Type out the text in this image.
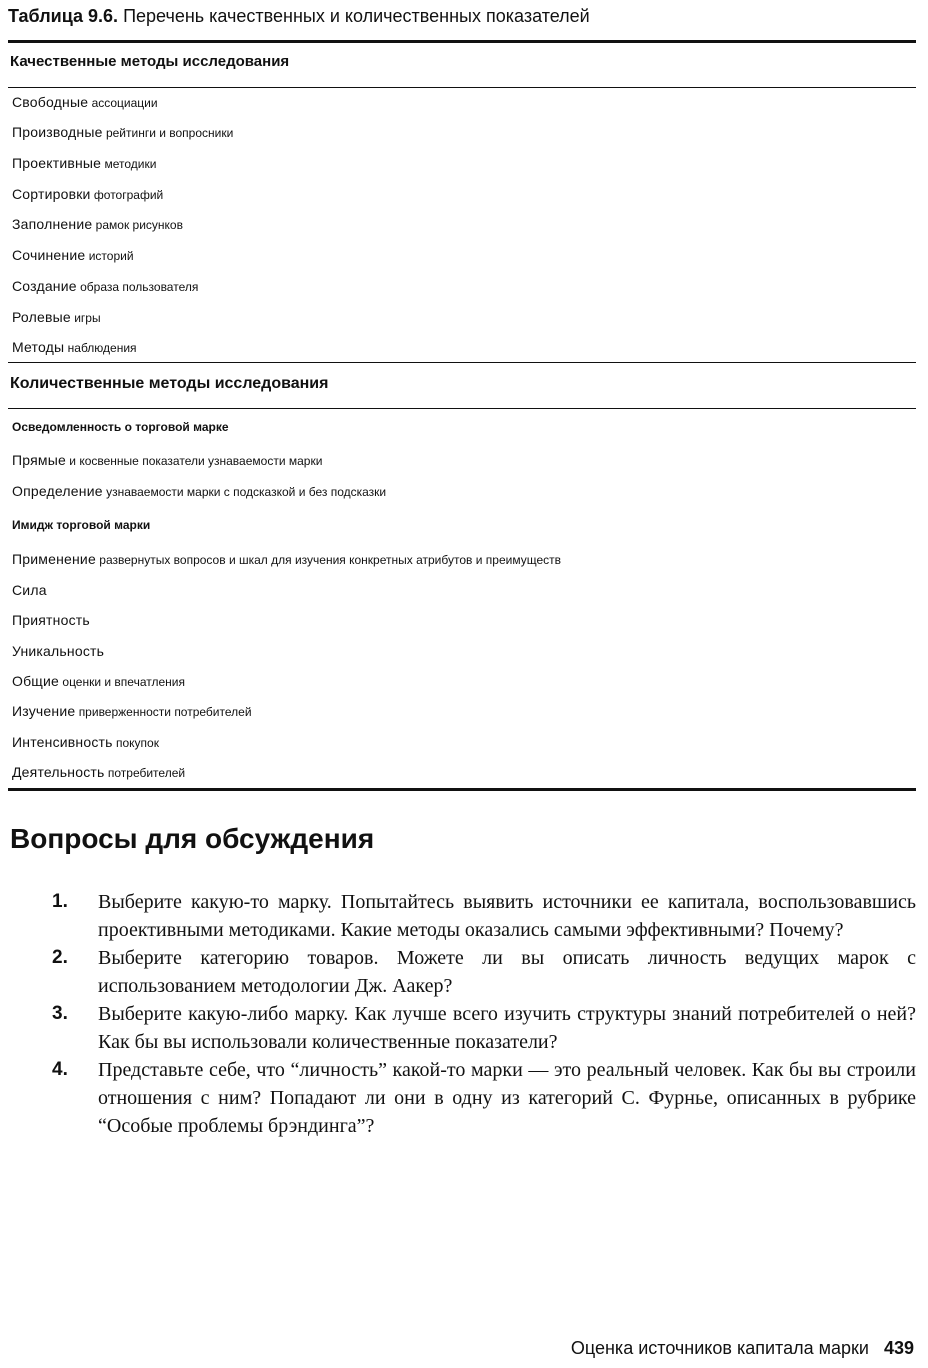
Таблица 9.6. Перечень качественных и количественных показателей
Качественные методы исследования
Свободные ассоциации
Производные рейтинги и вопросники
Проективные методики
Сортировки фотографий
Заполнение рамок рисунков
Сочинение историй
Создание образа пользователя
Ролевые игры
Методы наблюдения
Количественные методы исследования
Осведомленность о торговой марке
Прямые и косвенные показатели узнаваемости марки
Определение узнаваемости марки с подсказкой и без подсказки
Имидж торговой марки
Применение развернутых вопросов и шкал для изучения конкретных атрибутов и преимуществ
Сила
Приятность
Уникальность
Общие оценки и впечатления
Изучение приверженности потребителей
Интенсивность покупок
Деятельность потребителей
Вопросы для обсуждения
1. Выберите какую-то марку. Попытайтесь выявить источники ее капитала, воспользовавшись проективными методиками. Какие методы оказались самыми эффективными? Почему?
2. Выберите категорию товаров. Можете ли вы описать личность ведущих марок с использованием методологии Дж. Аакер?
3. Выберите какую-либо марку. Как лучше всего изучить структуры знаний потребителей о ней? Как бы вы использовали количественные показатели?
4. Представьте себе, что “личность” какой-то марки — это реальный человек. Как бы вы строили отношения с ним? Попадают ли они в одну из категорий С. Фурнье, описанных в рубрике “Особые проблемы брэндинга”?
Оценка источников капитала марки 439
